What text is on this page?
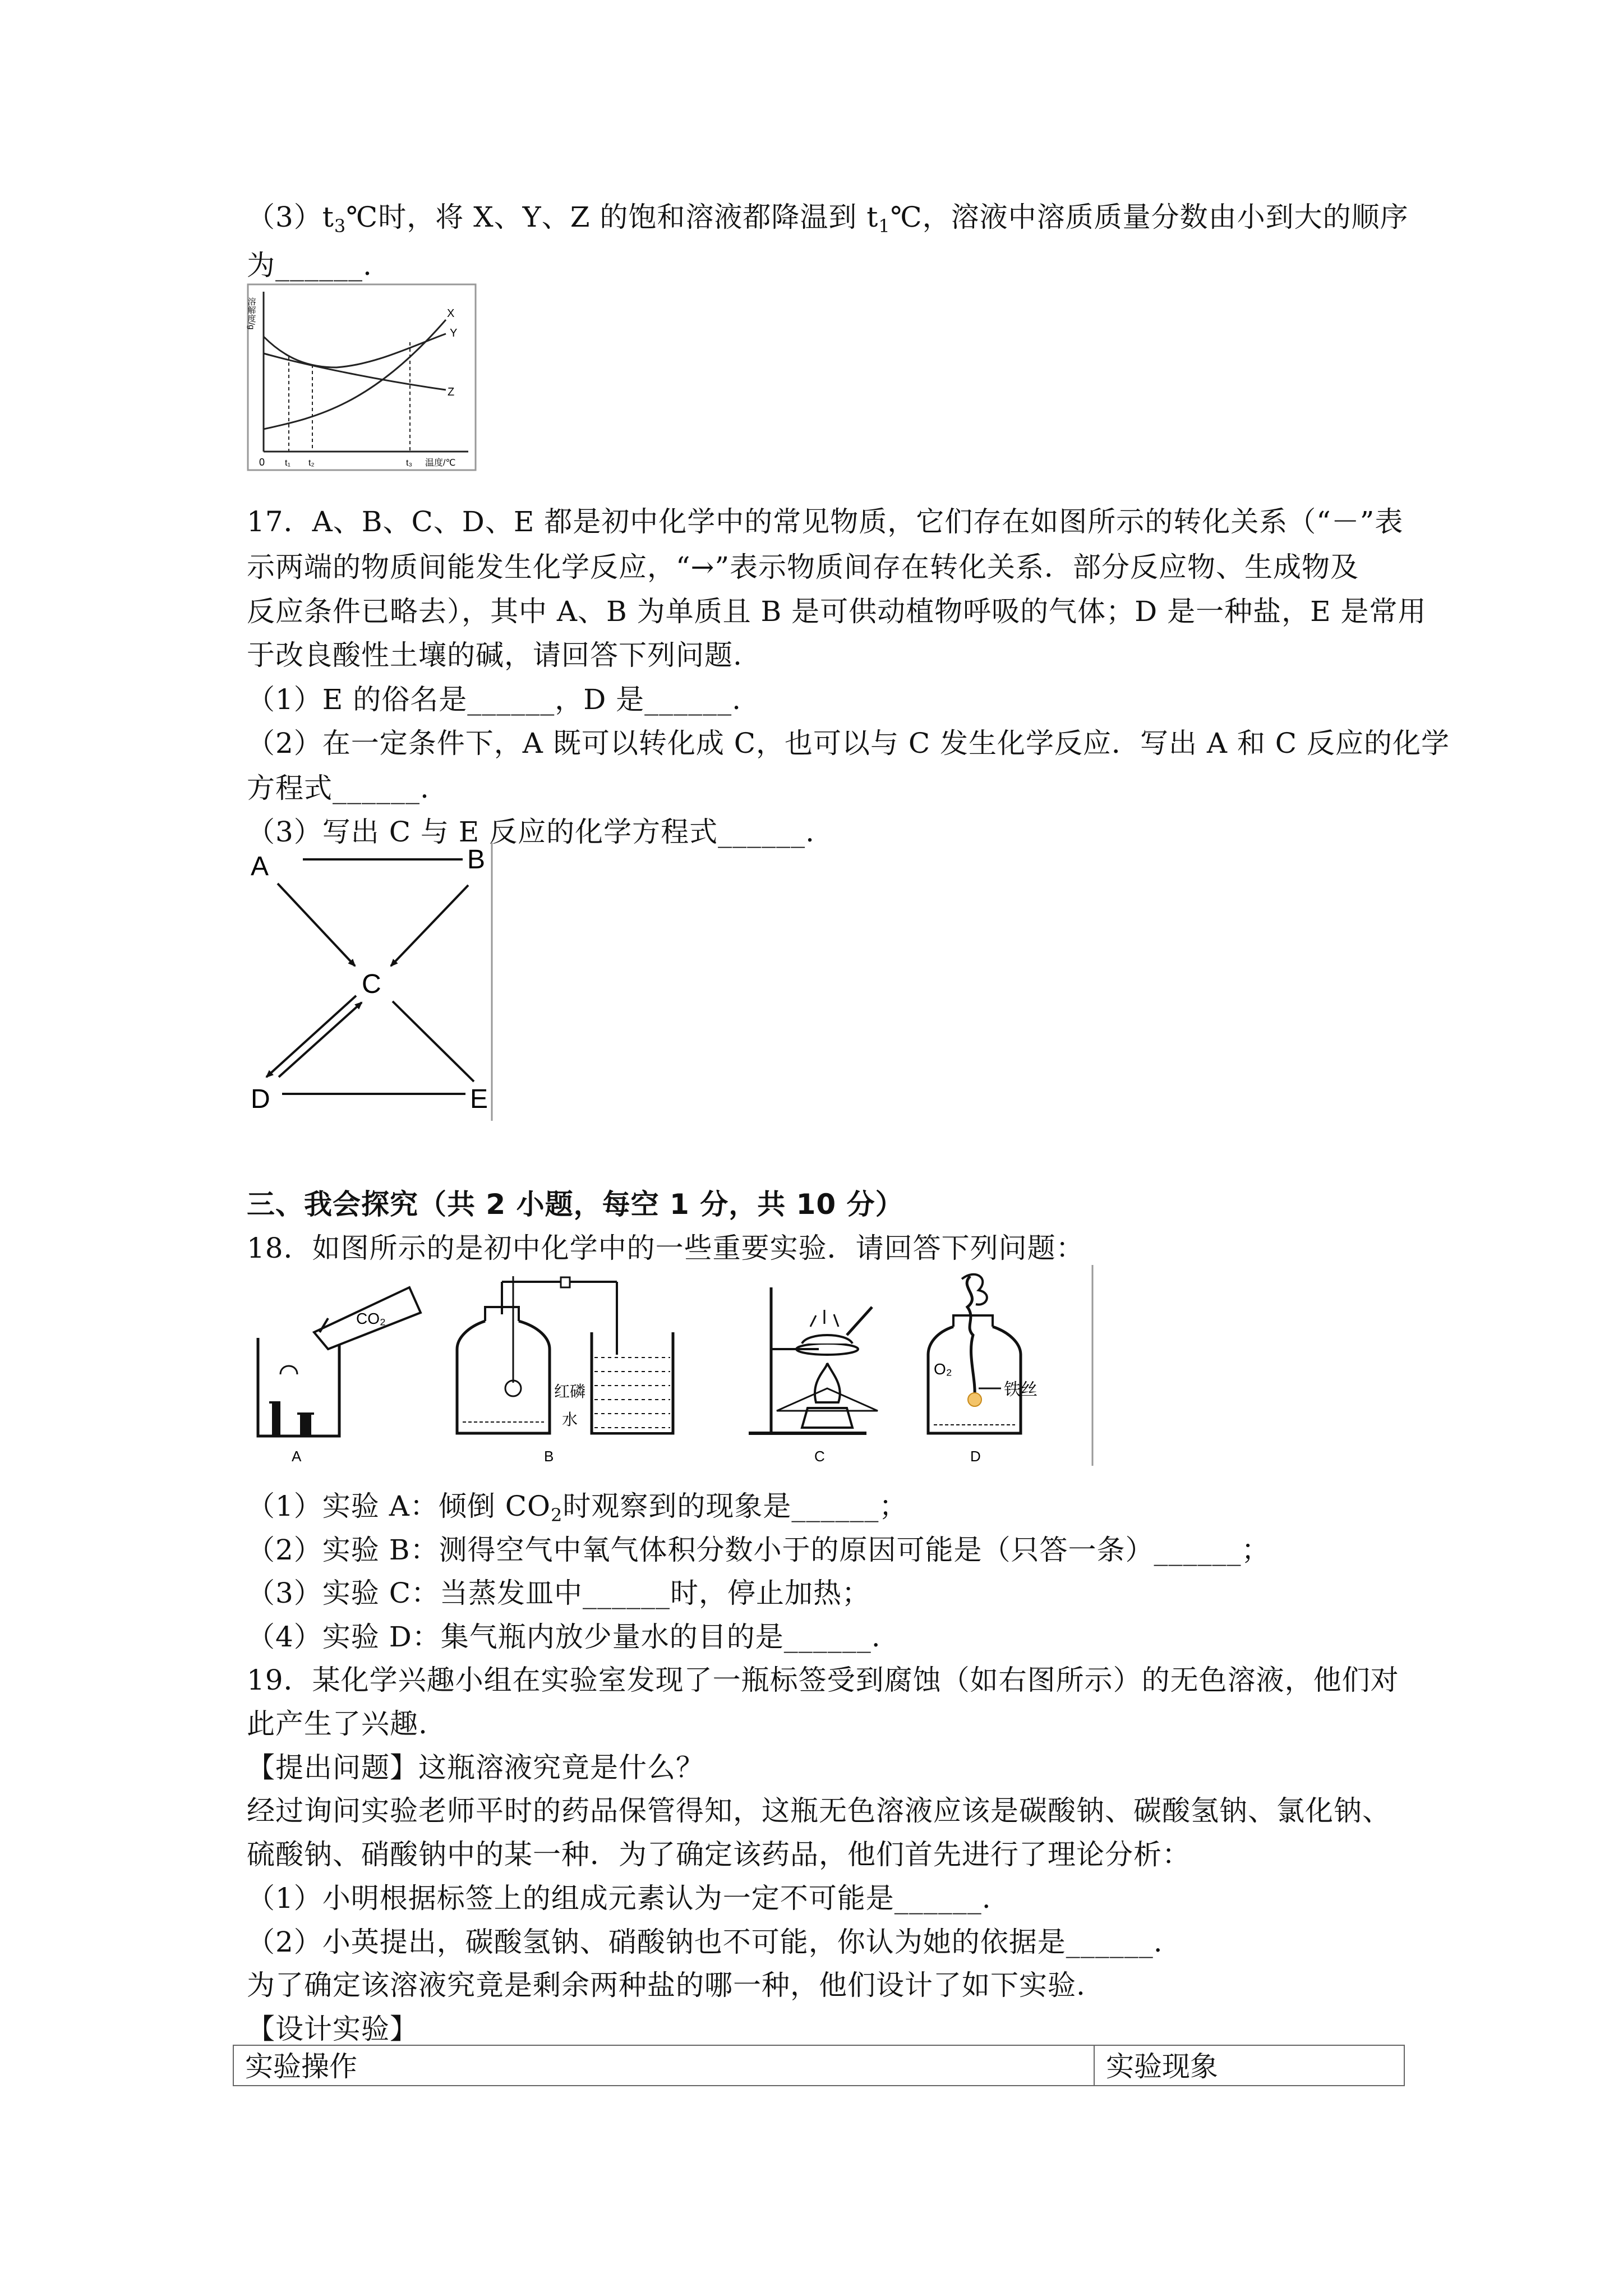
$(3)t_3℃$时，将 X、Y、Z 的饱和溶液都降温到 $t_1℃$，溶液中溶质质量分数由小到大的顺序
为______.
溶解度/g	X
Y
Z
0 t₁ t₂	t₃ 温度/℃
17．A、B、C、D、E 都是初中化学中的常见物质，它们存在如图所示的转化关系（“－”表
示两端的物质间能发生化学反应，“→”表示物质间存在转化关系．部分反应物、生成物及
反应条件已略去），其中 A、B 为单质且 B 是可供动植物呼吸的气体；D 是一种盐，E 是常用
于改良酸性土壤的碱，请回答下列问题.
（1）E 的俗名是______，D 是______.
（2）在一定条件下，A 既可以转化成 C，也可以与 C 发生化学反应．写出 A 和 C 反应的化学
方程式______.
（3）写出 C 与 E 反应的化学方程式______.
A	B
C
D	E
三、我会探究（共 2 小题，每空 1 分，共 10 分）
18．如图所示的是初中化学中的一些重要实验．请回答下列问题：
CO₂
A
红磷
水
B	C
O₂
铁丝
D
（1）实验 A：倾倒 $CO_2$时观察到的现象是______；
（2）实验 B：测得空气中氧气体积分数小于的原因可能是（只答一条）______；
（3）实验 C：当蒸发皿中______时，停止加热；
（4）实验 D：集气瓶内放少量水的目的是______.
19．某化学兴趣小组在实验室发现了一瓶标签受到腐蚀（如右图所示）的无色溶液，他们对
此产生了兴趣.
【提出问题】这瓶溶液究竟是什么？
经过询问实验老师平时的药品保管得知，这瓶无色溶液应该是碳酸钠、碳酸氢钠、氯化钠、
硫酸钠、硝酸钠中的某一种．为了确定该药品，他们首先进行了理论分析：
（1）小明根据标签上的组成元素认为一定不可能是______.
（2）小英提出，碳酸氢钠、硝酸钠也不可能，你认为她的依据是______.
为了确定该溶液究竟是剩余两种盐的哪一种，他们设计了如下实验.
【设计实验】
实验操作	实验现象
